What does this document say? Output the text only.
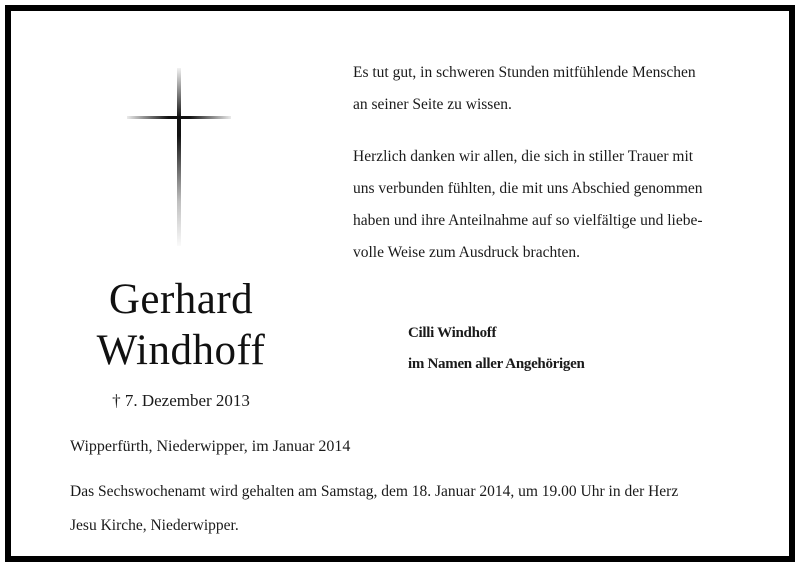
Gerhard
Windhoff
† 7. Dezember 2013

Es tut gut, in schweren Stunden mitfühlende Menschen
an seiner Seite zu wissen.

Herzlich danken wir allen, die sich in stiller Trauer mit
uns verbunden fühlten, die mit uns Abschied genommen
haben und ihre Anteilnahme auf so vielfältige und liebe-
volle Weise zum Ausdruck brachten.

Cilli Windhoff
im Namen aller Angehörigen
Wipperfürth, Niederwipper, im Januar 2014

Das Sechswochenamt wird gehalten am Samstag, dem 18. Januar 2014, um 19.00 Uhr in der Herz
Jesu Kirche, Niederwipper.
